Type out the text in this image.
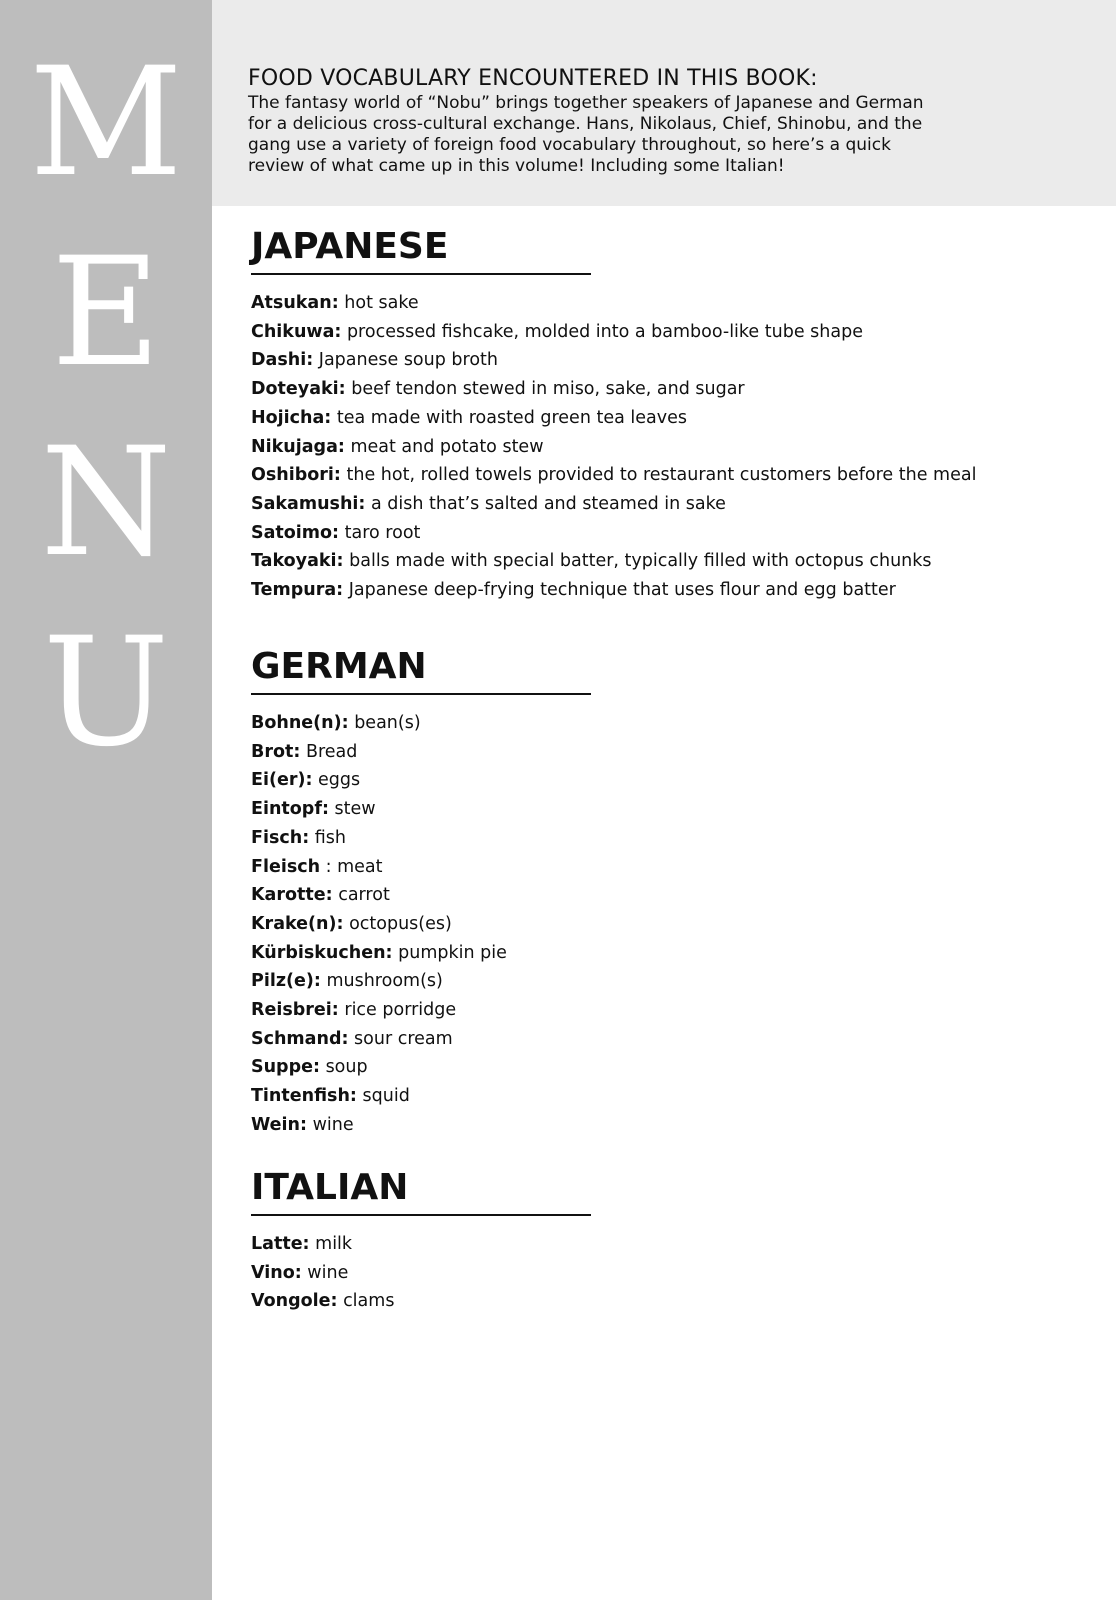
M
E
N
U
FOOD VOCABULARY ENCOUNTERED IN THIS BOOK:

The fantasy world of “Nobu” brings together speakers of Japanese and German for a delicious cross-cultural exchange. Hans, Nikolaus, Chief, Shinobu, and the gang use a variety of foreign food vocabulary throughout, so here’s a quick review of what came up in this volume! Including some Italian!

JAPANESE
Atsukan: hot sake
Chikuwa: processed fishcake, molded into a bamboo-like tube shape
Dashi: Japanese soup broth
Doteyaki: beef tendon stewed in miso, sake, and sugar
Hojicha: tea made with roasted green tea leaves
Nikujaga: meat and potato stew
Oshibori: the hot, rolled towels provided to restaurant customers before the meal
Sakamushi: a dish that’s salted and steamed in sake
Satoimo: taro root
Takoyaki: balls made with special batter, typically filled with octopus chunks
Tempura: Japanese deep-frying technique that uses flour and egg batter
GERMAN
Bohne(n): bean(s)
Brot: Bread
Ei(er): eggs
Eintopf: stew
Fisch: fish
Fleisch : meat
Karotte: carrot
Krake(n): octopus(es)
Kürbiskuchen: pumpkin pie
Pilz(e): mushroom(s)
Reisbrei: rice porridge
Schmand: sour cream
Suppe: soup
Tintenfish: squid
Wein: wine
ITALIAN
Latte: milk
Vino: wine
Vongole: clams
